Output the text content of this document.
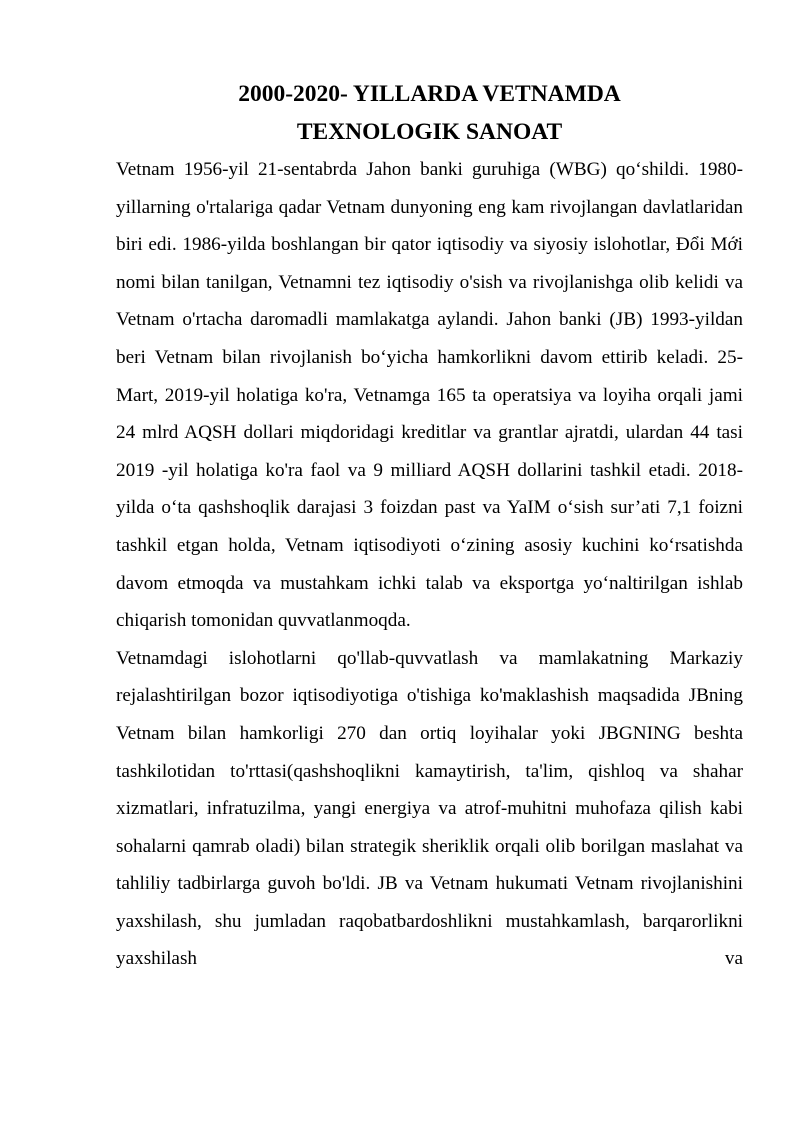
2000-2020- YILLARDA VETNAMDA
TEXNOLOGIK SANOAT

Vetnam 1956-yil 21-sentabrda Jahon banki guruhiga (WBG) qo‘shildi. 1980-yillarning o'rtalariga qadar Vetnam dunyoning eng kam rivojlangan davlatlaridan biri edi. 1986-yilda boshlangan bir qator iqtisodiy va siyosiy islohotlar, Đổi Mới nomi bilan tanilgan, Vetnamni tez iqtisodiy o'sish va rivojlanishga olib kelidi va Vetnam o'rtacha daromadli mamlakatga aylandi. Jahon banki (JB) 1993-yildan beri Vetnam bilan rivojlanish bo‘yicha hamkorlikni davom ettirib keladi. 25-Mart, 2019-yil holatiga ko'ra, Vetnamga 165 ta operatsiya va loyiha orqali jami 24 mlrd AQSH dollari miqdoridagi kreditlar va grantlar ajratdi, ulardan 44 tasi 2019 -yil holatiga ko'ra faol va 9 milliard AQSH dollarini tashkil etadi. 2018-yilda o‘ta qashshoqlik darajasi 3 foizdan past va YaIM o‘sish sur’ati 7,1 foizni tashkil etgan holda, Vetnam iqtisodiyoti o‘zining asosiy kuchini ko‘rsatishda davom etmoqda va mustahkam ichki talab va eksportga yo‘naltirilgan ishlab chiqarish tomonidan quvvatlanmoqda.

Vetnamdagi islohotlarni qo'llab-quvvatlash va mamlakatning Markaziy rejalashtirilgan bozor iqtisodiyotiga o'tishiga ko'maklashish maqsadida JBning Vetnam bilan hamkorligi 270 dan ortiq loyihalar yoki JBGNING beshta tashkilotidan to'rttasi(qashshoqlikni kamaytirish, ta'lim, qishloq va shahar xizmatlari, infratuzilma, yangi energiya va atrof-muhitni muhofaza qilish kabi sohalarni qamrab oladi) bilan strategik sheriklik orqali olib borilgan maslahat va tahliliy tadbirlarga guvoh bo'ldi. JB va Vetnam hukumati Vetnam rivojlanishini yaxshilash, shu jumladan raqobatbardoshlikni mustahkamlash, barqarorlikni yaxshilash va
